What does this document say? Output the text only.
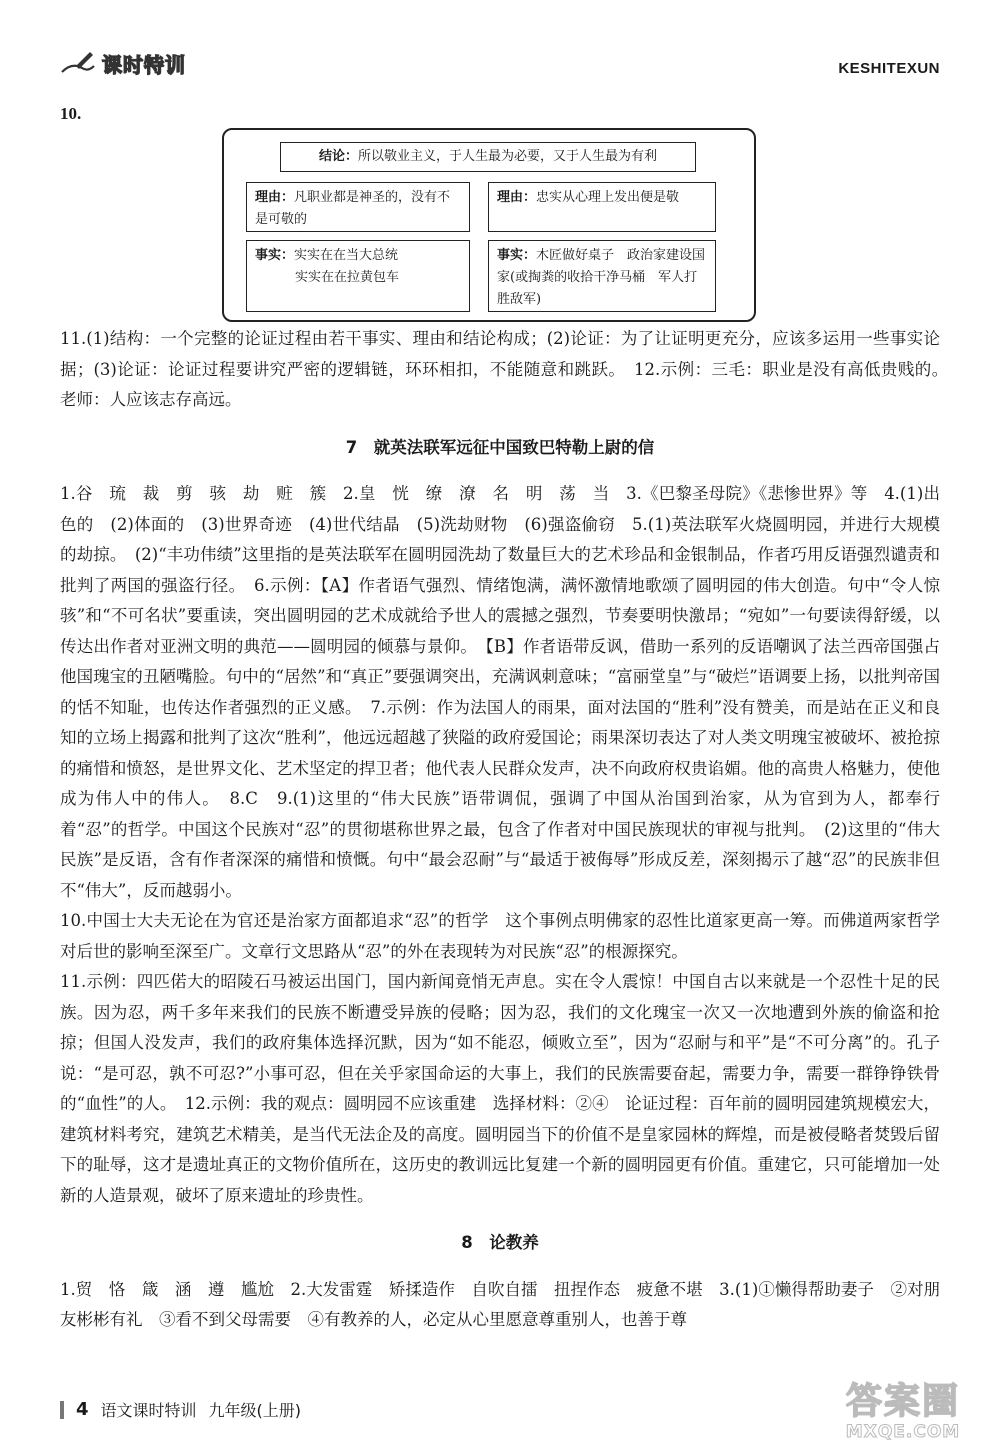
课时特训	KESHITEXUN
10.
结论：所以敬业主义，于人生最为必要，又于人生最为有利
理由：凡职业都是神圣的，没有不是可敬的
理由：忠实从心理上发出便是敬
事实：实实在在当大总统
实实在在拉黄包车
事实：木匠做好桌子　政治家建设国家(或掏粪的收拾干净马桶　军人打胜敌军)

11.(1)结构：一个完整的论证过程由若干事实、理由和结论构成；(2)论证：为了让证明更充分，应该多运用一些事实论据；(3)论证：论证过程要讲究严密的逻辑链，环环相扣，不能随意和跳跃。　12.示例：三毛：职业是没有高低贵贱的。　老师：人应该志存高远。

7　就英法联军远征中国致巴特勒上尉的信

1.谷　琉　裁　剪　骇　劫　赃　簇　2.皇　恍　缭　潦　名　明　荡　当　3.《巴黎圣母院》《悲惨世界》等　4.(1)出色的　(2)体面的　(3)世界奇迹　(4)世代结晶　(5)洗劫财物　(6)强盗偷窃　5.(1)英法联军火烧圆明园，并进行大规模的劫掠。　(2)“丰功伟绩”这里指的是英法联军在圆明园洗劫了数量巨大的艺术珍品和金银制品，作者巧用反语强烈谴责和批判了两国的强盗行径。　6.示例：【A】作者语气强烈、情绪饱满，满怀激情地歌颂了圆明园的伟大创造。句中“令人惊骇”和“不可名状”要重读，突出圆明园的艺术成就给予世人的震撼之强烈，节奏要明快激昂；“宛如”一句要读得舒缓，以传达出作者对亚洲文明的典范——圆明园的倾慕与景仰。　【B】作者语带反讽，借助一系列的反语嘲讽了法兰西帝国强占他国瑰宝的丑陋嘴脸。句中的“居然”和“真正”要强调突出，充满讽刺意味；“富丽堂皇”与“破烂”语调要上扬，以批判帝国的恬不知耻，也传达作者强烈的正义感。　7.示例：作为法国人的雨果，面对法国的“胜利”没有赞美，而是站在正义和良知的立场上揭露和批判了这次“胜利”，他远远超越了狭隘的政府爱国论；雨果深切表达了对人类文明瑰宝被破坏、被抢掠的痛惜和愤怒，是世界文化、艺术坚定的捍卫者；他代表人民群众发声，决不向政府权贵谄媚。他的高贵人格魅力，使他成为伟人中的伟人。　8.C　9.(1)这里的“伟大民族”语带调侃，强调了中国从治国到治家，从为官到为人，都奉行着“忍”的哲学。中国这个民族对“忍”的贯彻堪称世界之最，包含了作者对中国民族现状的审视与批判。　(2)这里的“伟大民族”是反语，含有作者深深的痛惜和愤慨。句中“最会忍耐”与“最适于被侮辱”形成反差，深刻揭示了越“忍”的民族非但不“伟大”，反而越弱小。

10.中国士大夫无论在为官还是治家方面都追求“忍”的哲学　这个事例点明佛家的忍性比道家更高一筹。而佛道两家哲学对后世的影响至深至广。文章行文思路从“忍”的外在表现转为对民族“忍”的根源探究。

11.示例：四匹偌大的昭陵石马被运出国门，国内新闻竟悄无声息。实在令人震惊！中国自古以来就是一个忍性十足的民族。因为忍，两千多年来我们的民族不断遭受异族的侵略；因为忍，我们的文化瑰宝一次又一次地遭到外族的偷盗和抢掠；但国人没发声，我们的政府集体选择沉默，因为“如不能忍，倾败立至”，因为“忍耐与和平”是“不可分离”的。孔子说：“是可忍，孰不可忍?”小事可忍，但在关乎家国命运的大事上，我们的民族需要奋起，需要力争，需要一群铮铮铁骨的“血性”的人。　12.示例：我的观点：圆明园不应该重建　选择材料：②④　论证过程：百年前的圆明园建筑规模宏大，建筑材料考究，建筑艺术精美，是当代无法企及的高度。圆明园当下的价值不是皇家园林的辉煌，而是被侵略者焚毁后留下的耻辱，这才是遗址真正的文物价值所在，这历史的教训远比复建一个新的圆明园更有价值。重建它，只可能增加一处新的人造景观，破坏了原来遗址的珍贵性。

8　论教养

1.贸　恪　箴　涵　遵　尴尬　2.大发雷霆　矫揉造作　自吹自擂　扭捏作态　疲惫不堪　3.(1)①懒得帮助妻子　②对朋友彬彬有礼　③看不到父母需要　④有教养的人，必定从心里愿意尊重别人，也善于尊

4 语文课时特训 九年级(上册)	答案圈
MXQE.COM
